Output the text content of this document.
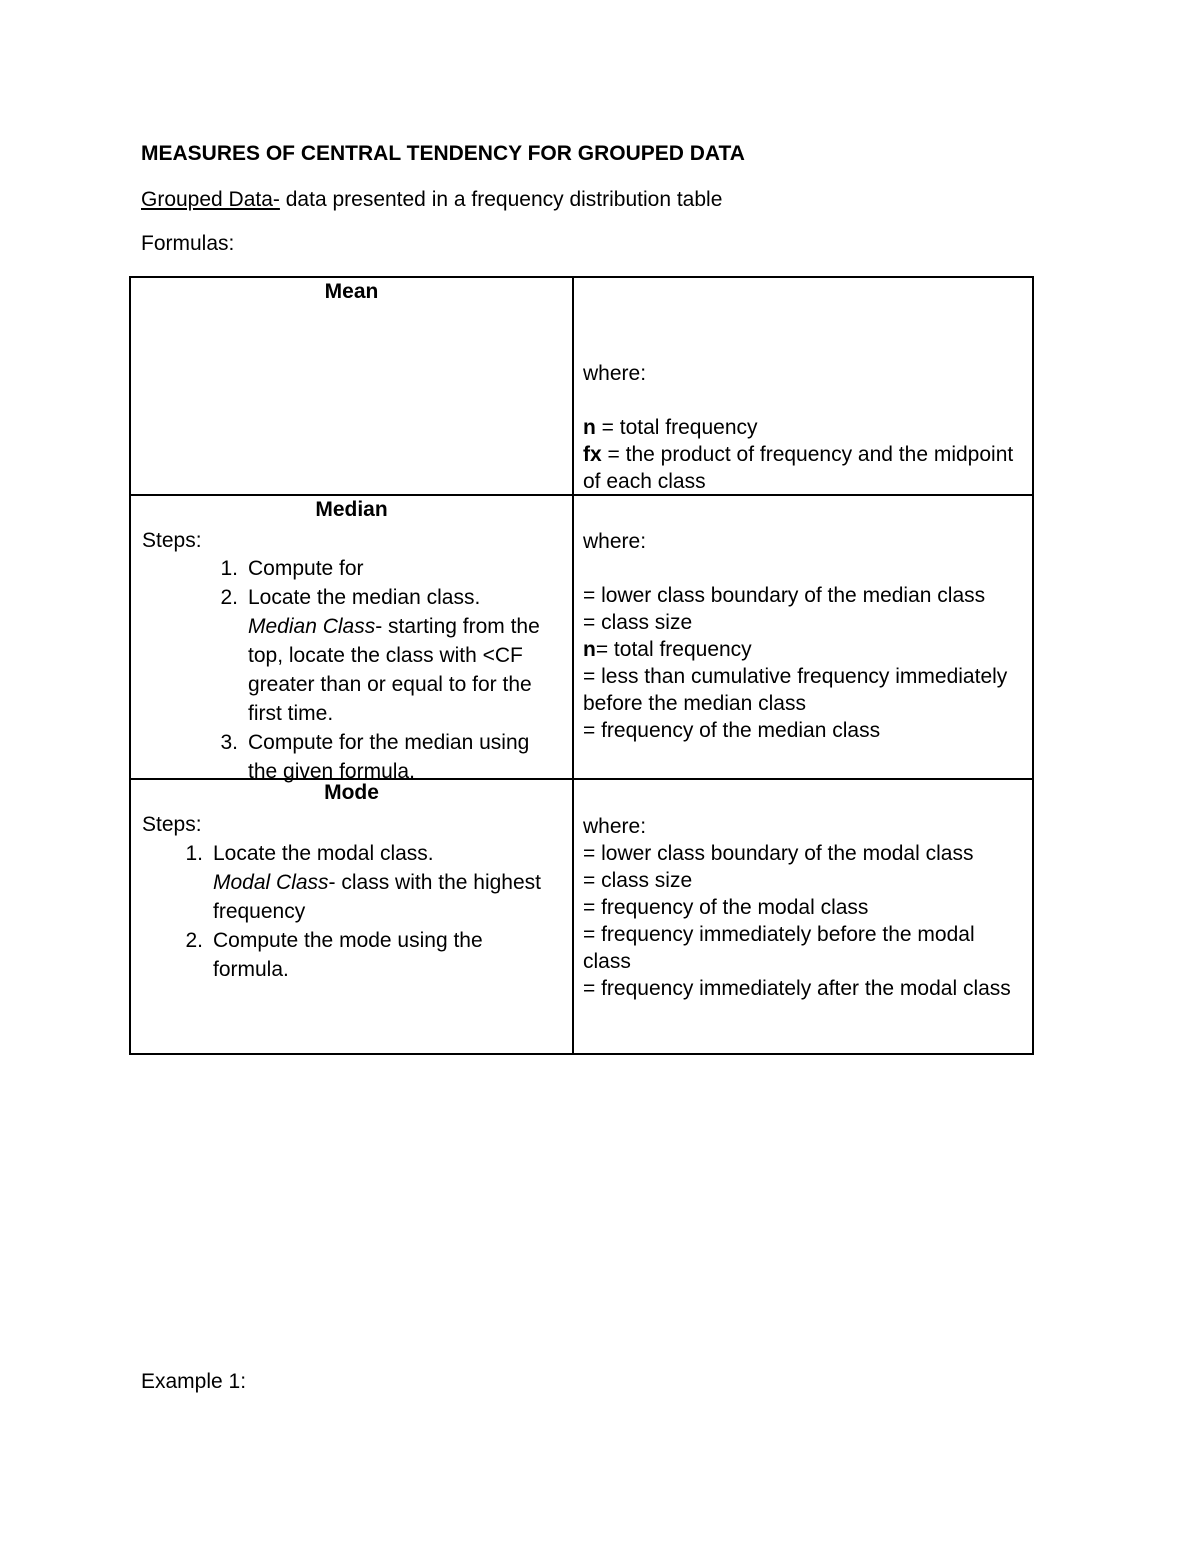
MEASURES OF CENTRAL TENDENCY FOR GROUPED DATA
Grouped Data- data presented in a frequency distribution table
Formulas:
Mean

where:

n = total frequency

fx = the product of frequency and the midpoint of each class

Median
Steps:
1. Compute for
2. Locate the median class.
Median Class- starting from the top, locate the class with <CF greater than or equal to for the first time.
3. Compute for the median using the given formula.

where:

= lower class boundary of the median class

= class size

n= total frequency

= less than cumulative frequency immediately before the median class

= frequency of the median class

Mode
Steps:
1. Locate the modal class.
Modal Class- class with the highest frequency
2. Compute the mode using the formula.

where:

= lower class boundary of the modal class

= class size

= frequency of the modal class

= frequency immediately before the modal class

= frequency immediately after the modal class

Example 1:
